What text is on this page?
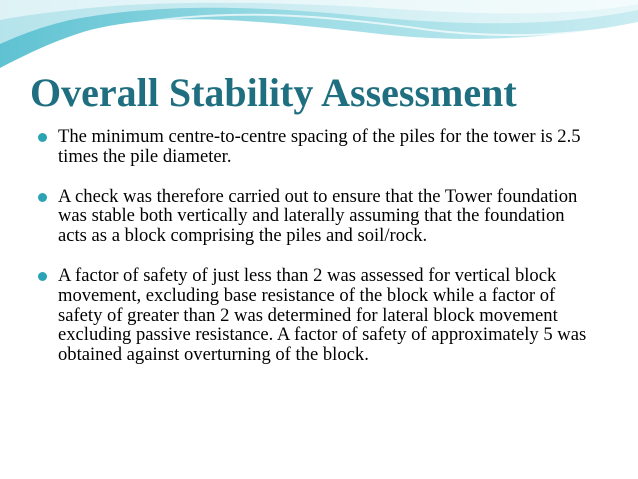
Overall Stability Assessment
The minimum centre-to-centre spacing of the piles for the tower is 2.5 times the pile diameter.
A check was therefore carried out to ensure that the Tower foundation was stable both vertically and laterally assuming that the foundation acts as a block comprising the piles and soil/rock.
A factor of safety of just less than 2 was assessed for vertical block movement, excluding base resistance of the block while a factor of safety of greater than 2 was determined for lateral block movement excluding passive resistance. A factor of safety of approximately 5 was obtained against overturning of the block.
